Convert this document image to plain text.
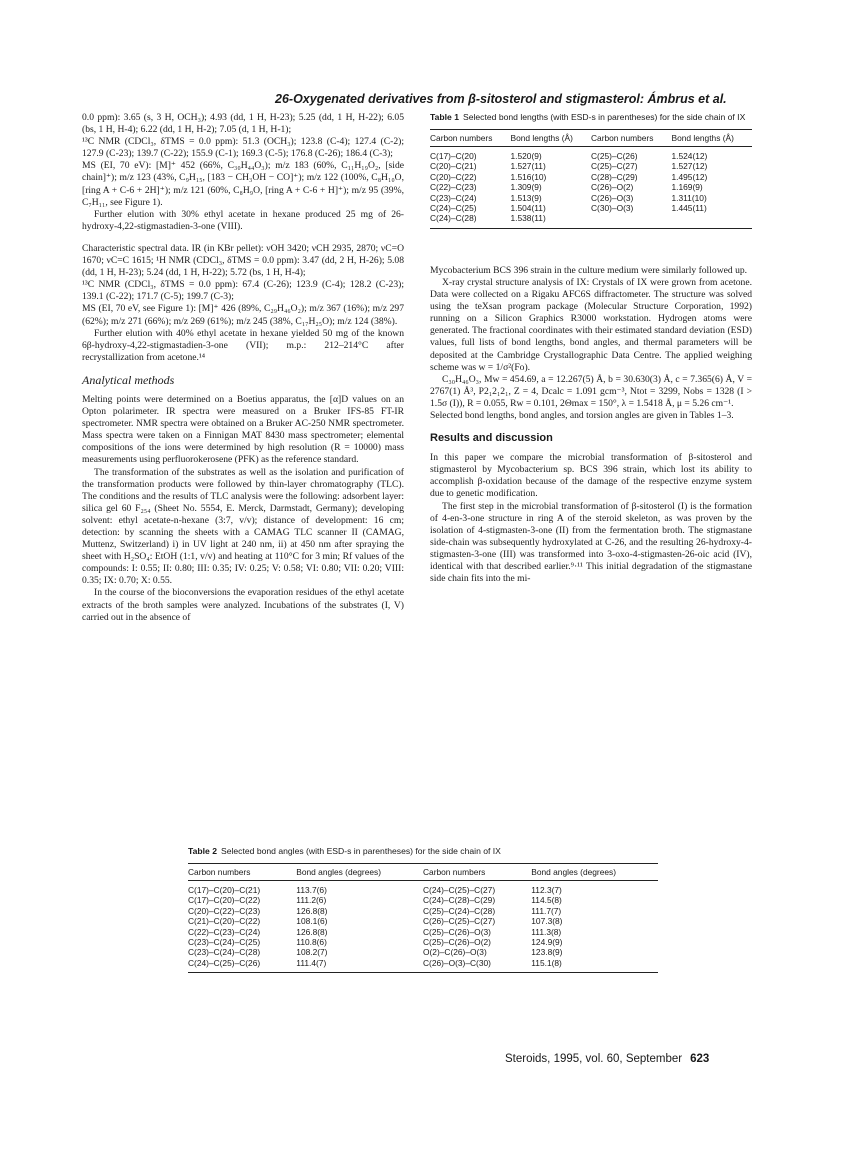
26-Oxygenated derivatives from β-sitosterol and stigmasterol: Ámbrus et al.

0.0 ppm): 3.65 (s, 3 H, OCH₃); 4.93 (dd, 1 H, H-23); 5.25 (dd, 1 H, H-22); 6.05 (bs, 1 H, H-4); 6.22 (dd, 1 H, H-2); 7.05 (d, 1 H, H-1);

¹³C NMR (CDCl₃, δTMS = 0.0 ppm): 51.3 (OCH₃); 123.8 (C-4); 127.4 (C-2); 127.9 (C-23); 139.7 (C-22); 155.9 (C-1); 169.3 (C-5); 176.8 (C-26); 186.4 (C-3);

MS (EI, 70 eV): [M]⁺ 452 (66%, C₃₀H₄₄O₃); m/z 183 (60%, C₁₁H₁₉O₂, [side chain]⁺); m/z 123 (43%, C₉H₁₅, [183 − CH₃OH − CO]⁺); m/z 122 (100%, C₈H₁₀O, [ring A + C-6 + 2H]⁺); m/z 121 (60%, C₈H₉O, [ring A + C-6 + H]⁺); m/z 95 (39%, C₇H₁₁, see Figure 1).

Further elution with 30% ethyl acetate in hexane produced 25 mg of 26-hydroxy-4,22-stigmastadien-3-one (VIII).

Characteristic spectral data. IR (in KBr pellet): νOH 3420; νCH 2935, 2870; νC=O 1670; νC=C 1615; ¹H NMR (CDCl₃, δTMS = 0.0 ppm): 3.47 (dd, 2 H, H-26); 5.08 (dd, 1 H, H-23); 5.24 (dd, 1 H, H-22); 5.72 (bs, 1 H, H-4);

¹³C NMR (CDCl₃, δTMS = 0.0 ppm): 67.4 (C-26); 123.9 (C-4); 128.2 (C-23); 139.1 (C-22); 171.7 (C-5); 199.7 (C-3);

MS (EI, 70 eV, see Figure 1): [M]⁺ 426 (89%, C₂₉H₄₆O₂); m/z 367 (16%); m/z 297 (62%); m/z 271 (66%); m/z 269 (61%); m/z 245 (38%, C₁₇H₂₅O); m/z 124 (38%).

Further elution with 40% ethyl acetate in hexane yielded 50 mg of the known 6β-hydroxy-4,22-stigmastadien-3-one (VII); m.p.: 212–214°C after recrystallization from acetone.¹⁴

Analytical methods

Melting points were determined on a Boetius apparatus, the [α]D values on an Opton polarimeter. IR spectra were measured on a Bruker IFS-85 FT-IR spectrometer. NMR spectra were obtained on a Bruker AC-250 NMR spectrometer. Mass spectra were taken on a Finnigan MAT 8430 mass spectrometer; elemental compositions of the ions were determined by high resolution (R = 10000) mass measurements using perfluorokerosene (PFK) as the reference standard.

The transformation of the substrates as well as the isolation and purification of the transformation products were followed by thin-layer chromatography (TLC). The conditions and the results of TLC analysis were the following: adsorbent layer: silica gel 60 F₂₅₄ (Sheet No. 5554, E. Merck, Darmstadt, Germany); developing solvent: ethyl acetate-n-hexane (3:7, v/v); distance of development: 16 cm; detection: by scanning the sheets with a CAMAG TLC scanner II (CAMAG, Muttenz, Switzerland) i) in UV light at 240 nm, ii) at 450 nm after spraying the sheet with H₂SO₄: EtOH (1:1, v/v) and heating at 110°C for 3 min; Rf values of the compounds: I: 0.55; II: 0.80; III: 0.35; IV: 0.25; V: 0.58; VI: 0.80; VII: 0.20; VIII: 0.35; IX: 0.70; X: 0.55.

In the course of the bioconversions the evaporation residues of the ethyl acetate extracts of the broth samples were analyzed. Incubations of the substrates (I, V) carried out in the absence of

Table 1 Selected bond lengths (with ESD-s in parentheses) for the side chain of IX
Carbon numbers	Bond lengths (Å)	Carbon numbers	Bond lengths (Å)
C(17)–C(20)	1.520(9)	C(25)–C(26)	1.524(12)
C(20)–C(21)	1.527(11)	C(25)–C(27)	1.527(12)
C(20)–C(22)	1.516(10)	C(28)–C(29)	1.495(12)
C(22)–C(23)	1.309(9)	C(26)–O(2)	1.169(9)
C(23)–C(24)	1.513(9)	C(26)–O(3)	1.311(10)
C(24)–C(25)	1.504(11)	C(30)–O(3)	1.445(11)
C(24)–C(28)	1.538(11)		

Mycobacterium BCS 396 strain in the culture medium were similarly followed up.

X-ray crystal structure analysis of IX: Crystals of IX were grown from acetone. Data were collected on a Rigaku AFC6S diffractometer. The structure was solved using the teXsan program package (Molecular Structure Corporation, 1992) running on a Silicon Graphics R3000 workstation. Hydrogen atoms were generated. The fractional coordinates with their estimated standard deviation (ESD) values, full lists of bond lengths, bond angles, and thermal parameters will be deposited at the Cambridge Crystallographic Data Centre. The applied weighing scheme was w = 1/σ²(Fo).

C₃₀H₄₆O₃, Mw = 454.69, a = 12.267(5) Å, b = 30.630(3) Å, c = 7.365(6) Å, V = 2767(1) Å³, P2₁2₁2₁, Z = 4, Dcalc = 1.091 gcm⁻³, Ntot = 3299, Nobs = 1328 (I > 1.5σ (I)), R = 0.055, Rw = 0.101, 2Θmax = 150°, λ = 1.5418 Å, μ = 5.26 cm⁻¹.

Selected bond lengths, bond angles, and torsion angles are given in Tables 1–3.

Results and discussion

In this paper we compare the microbial transformation of β-sitosterol and stigmasterol by Mycobacterium sp. BCS 396 strain, which lost its ability to accomplish β-oxidation because of the damage of the respective enzyme system due to genetic modification.

The first step in the microbial transformation of β-sitosterol (I) is the formation of 4-en-3-one structure in ring A of the steroid skeleton, as was proven by the isolation of 4-stigmasten-3-one (II) from the fermentation broth. The stigmastane side-chain was subsequently hydroxylated at C-26, and the resulting 26-hydroxy-4-stigmasten-3-one (III) was transformed into 3-oxo-4-stigmasten-26-oic acid (IV), identical with that described earlier.⁹·¹¹ This initial degradation of the stigmastane side chain fits into the mi-

Table 2 Selected bond angles (with ESD-s in parentheses) for the side chain of IX
Carbon numbers	Bond angles (degrees)	Carbon numbers	Bond angles (degrees)
C(17)–C(20)–C(21)	113.7(6)	C(24)–C(25)–C(27)	112.3(7)
C(17)–C(20)–C(22)	111.2(6)	C(24)–C(28)–C(29)	114.5(8)
C(20)–C(22)–C(23)	126.8(8)	C(25)–C(24)–C(28)	111.7(7)
C(21)–C(20)–C(22)	108.1(6)	C(26)–C(25)–C(27)	107.3(8)
C(22)–C(23)–C(24)	126.8(8)	C(25)–C(26)–O(3)	111.3(8)
C(23)–C(24)–C(25)	110.8(6)	C(25)–C(26)–O(2)	124.9(9)
C(23)–C(24)–C(28)	108.2(7)	O(2)–C(26)–O(3)	123.8(9)
C(24)–C(25)–C(26)	111.4(7)	C(26)–O(3)–C(30)	115.1(8)
Steroids, 1995, vol. 60, September 623
